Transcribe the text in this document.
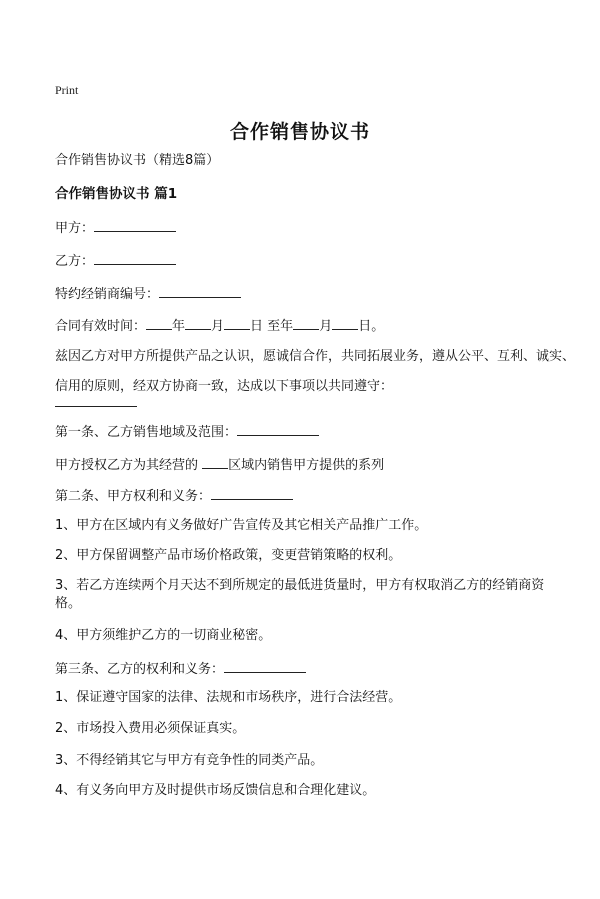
Print
合作销售协议书
合作销售协议书（精选8篇）
合作销售协议书 篇1
甲方：
乙方：
特约经销商编号：
合同有效时间： 年 月 日 至年 月 日。
兹因乙方对甲方所提供产品之认识，愿诚信合作，共同拓展业务，遵从公平、互利、诚实、信用的原则，经双方协商一致，达成以下事项以共同遵守：
第一条、乙方销售地域及范围：
甲方授权乙方为其经营的 区域内销售甲方提供的系列
第二条、甲方权利和义务：
1、甲方在区域内有义务做好广告宣传及其它相关产品推广工作。
2、甲方保留调整产品市场价格政策，变更营销策略的权利。
3、若乙方连续两个月天达不到所规定的最低进货量时，甲方有权取消乙方的经销商资格。
4、甲方须维护乙方的一切商业秘密。
第三条、乙方的权利和义务：
1、保证遵守国家的法律、法规和市场秩序，进行合法经营。
2、市场投入费用必须保证真实。
3、不得经销其它与甲方有竞争性的同类产品。
4、有义务向甲方及时提供市场反馈信息和合理化建议。
